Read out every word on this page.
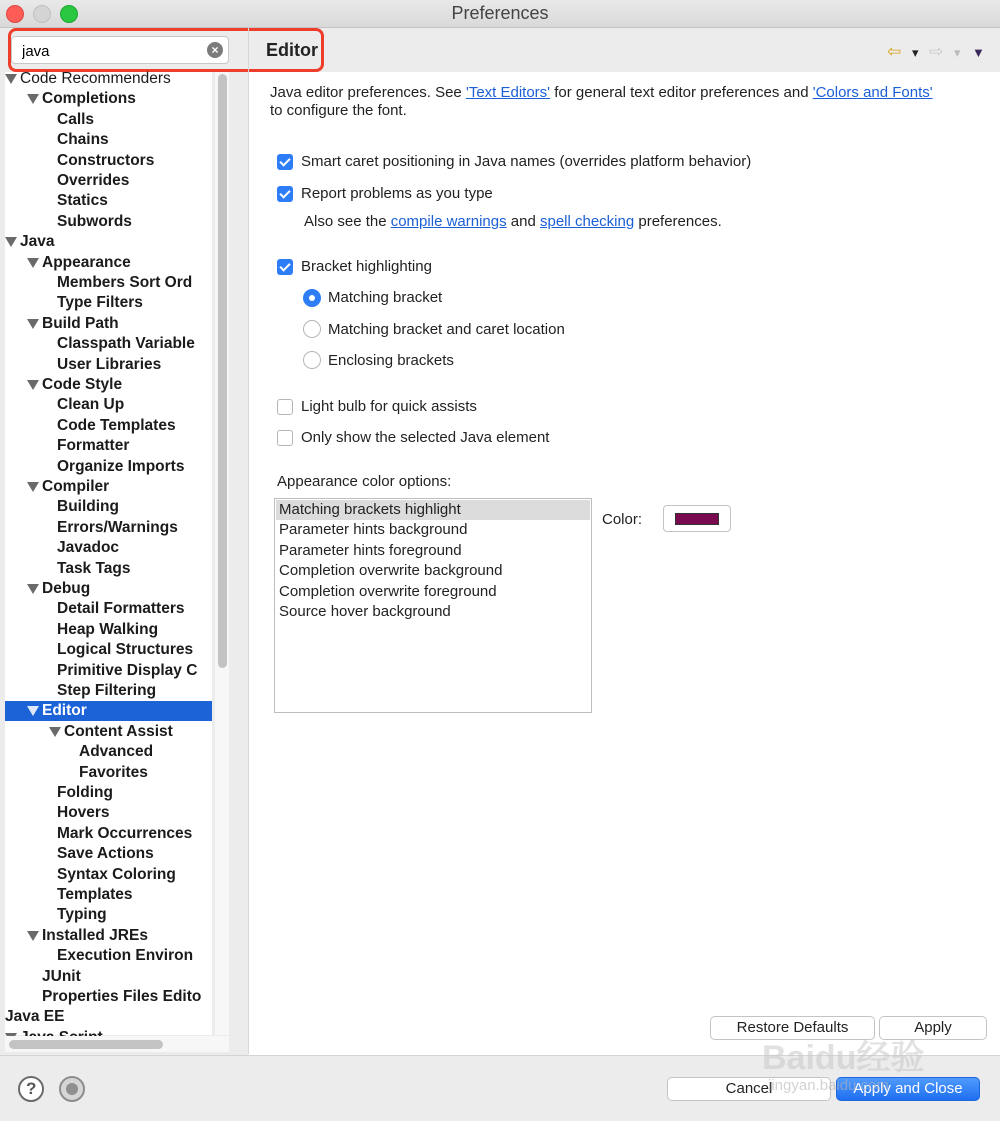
Preferences
java
×
Code Recommenders
Completions
Calls
Chains
Constructors
Overrides
Statics
Subwords
Java
Appearance
Members Sort Ord
Type Filters
Build Path
Classpath Variable
User Libraries
Code Style
Clean Up
Code Templates
Formatter
Organize Imports
Compiler
Building
Errors/Warnings
Javadoc
Task Tags
Debug
Detail Formatters
Heap Walking
Logical Structures
Primitive Display C
Step Filtering
Editor
Content Assist
Advanced
Favorites
Folding
Hovers
Mark Occurrences
Save Actions
Syntax Coloring
Templates
Typing
Installed JREs
Execution Environ
JUnit
Properties Files Edito
Java EE
Editor	⇦ ▾ ⇨ ▾ ▼
Java editor preferences. See 'Text Editors' for general text editor preferences and 'Colors and Fonts'
to configure the font.
Smart caret positioning in Java names (overrides platform behavior)
Report problems as you type
Also see the compile warnings and spell checking preferences.
Bracket highlighting
Matching bracket
Matching bracket and caret location
Enclosing brackets
Light bulb for quick assists
Only show the selected Java element
Appearance color options:
Matching brackets highlight
Parameter hints background
Parameter hints foreground
Completion overwrite background
Completion overwrite foreground
Source hover background
Color:
Restore Defaults	Apply
?	Cancel	Apply and Close
Baidu经验
jingyan.baidu.com
